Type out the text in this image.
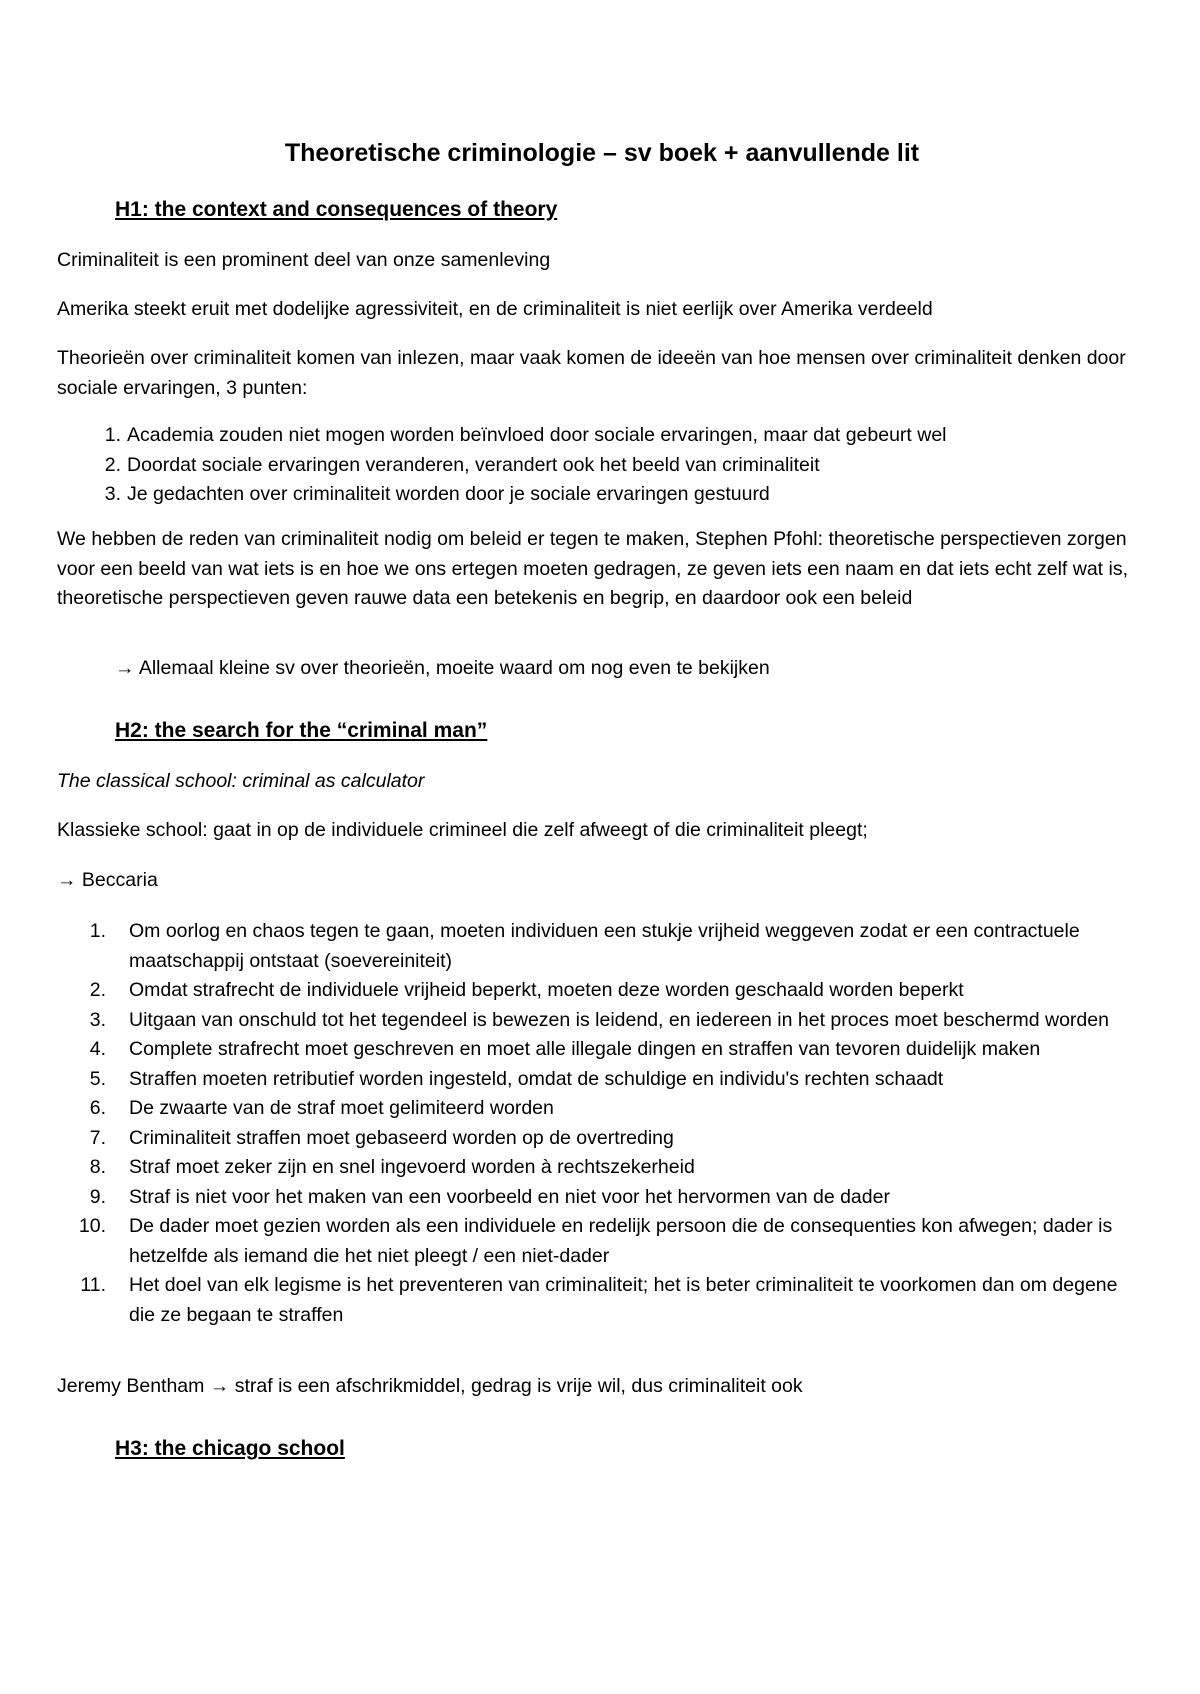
Theoretische criminologie – sv boek + aanvullende lit
H1: the context and consequences of theory

Criminaliteit is een prominent deel van onze samenleving

Amerika steekt eruit met dodelijke agressiviteit, en de criminaliteit is niet eerlijk over Amerika verdeeld

Theorieën over criminaliteit komen van inlezen, maar vaak komen de ideeën van hoe mensen over criminaliteit denken door sociale ervaringen, 3 punten:

1. Academia zouden niet mogen worden beïnvloed door sociale ervaringen, maar dat gebeurt wel
2. Doordat sociale ervaringen veranderen, verandert ook het beeld van criminaliteit
3. Je gedachten over criminaliteit worden door je sociale ervaringen gestuurd

We hebben de reden van criminaliteit nodig om beleid er tegen te maken, Stephen Pfohl: theoretische perspectieven zorgen voor een beeld van wat iets is en hoe we ons ertegen moeten gedragen, ze geven iets een naam en dat iets echt zelf wat is, theoretische perspectieven geven rauwe data een betekenis en begrip, en daardoor ook een beleid

→ Allemaal kleine sv over theorieën, moeite waard om nog even te bekijken

H2: the search for the “criminal man”

The classical school: criminal as calculator

Klassieke school: gaat in op de individuele crimineel die zelf afweegt of die criminaliteit pleegt;

→ Beccaria

1. Om oorlog en chaos tegen te gaan, moeten individuen een stukje vrijheid weggeven zodat er een contractuele maatschappij ontstaat (soevereiniteit)
2. Omdat strafrecht de individuele vrijheid beperkt, moeten deze worden geschaald worden beperkt
3. Uitgaan van onschuld tot het tegendeel is bewezen is leidend, en iedereen in het proces moet beschermd worden
4. Complete strafrecht moet geschreven en moet alle illegale dingen en straffen van tevoren duidelijk maken
5. Straffen moeten retributief worden ingesteld, omdat de schuldige en individu's rechten schaadt
6. De zwaarte van de straf moet gelimiteerd worden
7. Criminaliteit straffen moet gebaseerd worden op de overtreding
8. Straf moet zeker zijn en snel ingevoerd worden à rechtszekerheid
9. Straf is niet voor het maken van een voorbeeld en niet voor het hervormen van de dader
10. De dader moet gezien worden als een individuele en redelijk persoon die de consequenties kon afwegen; dader is hetzelfde als iemand die het niet pleegt / een niet-dader
11. Het doel van elk legisme is het preventeren van criminaliteit; het is beter criminaliteit te voorkomen dan om degene die ze begaan te straffen

Jeremy Bentham → straf is een afschrikmiddel, gedrag is vrije wil, dus criminaliteit ook

H3: the chicago school
